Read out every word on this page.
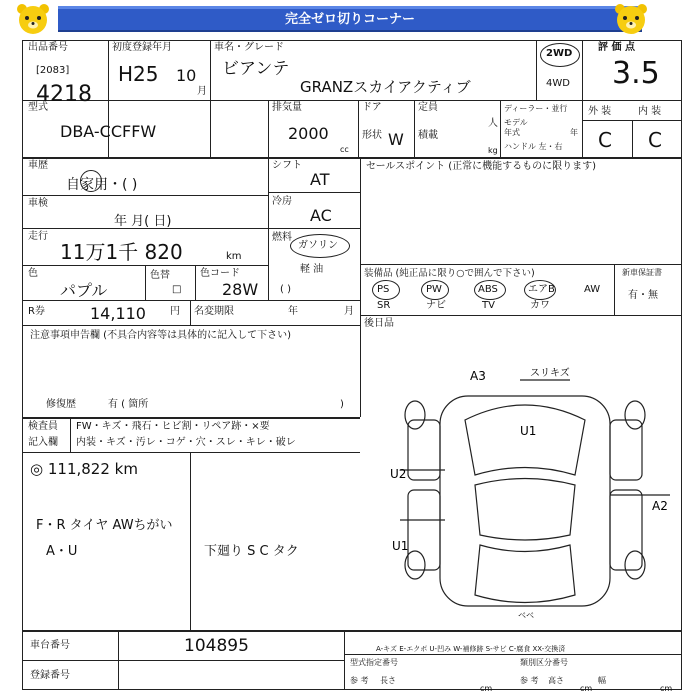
完全ゼロ切りコーナー
出品番号
[2083]
4218
初度登録年月
H25 10
月
車名・グレード
ビアンテ
GRANZスカイアクティブ
2WD
4WD
評 価 点
3.5
外 装	内 装
C C
型式
DBA-CCFFW
排気量
2000
cc
ドア
形状 W
定員
人
積載
kg
ディーラー・並行
モデル年式	年
ハンドル 左・右
車歴
自家用・( )
車検
年 月( 日)
走行
11万1千 820	km
色
パプル
色替
□
色コード
28W
R券	14,110 円 名変期限	年	月
シフト
AT
冷房
AC
燃料
ガソリン
軽 油
( )
セールスポイント (正常に機能するものに限ります)
装備品 (純正品に限り○で囲んで下さい)
PS	PW	ABS	エアB	AW
SR	ナビ	TV	カワ
新車保証書
有・無
後日品
注意事項申告欄 (不具合内容等は具体的に記入して下さい)
修復歴	有 ( 箇所	)
検査員 FW・キズ・飛石・ヒビ割・リペア跡・×要
記入欄 内装・キズ・汚レ・コゲ・穴・スレ・キレ・破レ
◎ 111,822 km
F・R タイヤ AWちがい
A・U	下廻り S C タク
A3	スリキズ
U1
U2
A2
U1
ベベ
A-キズ E-エクボ U-凹み W-補修跡 S-サビ C-腐食 XX-交換済
車台番号	104895
登録番号
型式指定番号	類別区分番号
参 考 長さ
cm
参 考 高さ
cm
幅
cm
